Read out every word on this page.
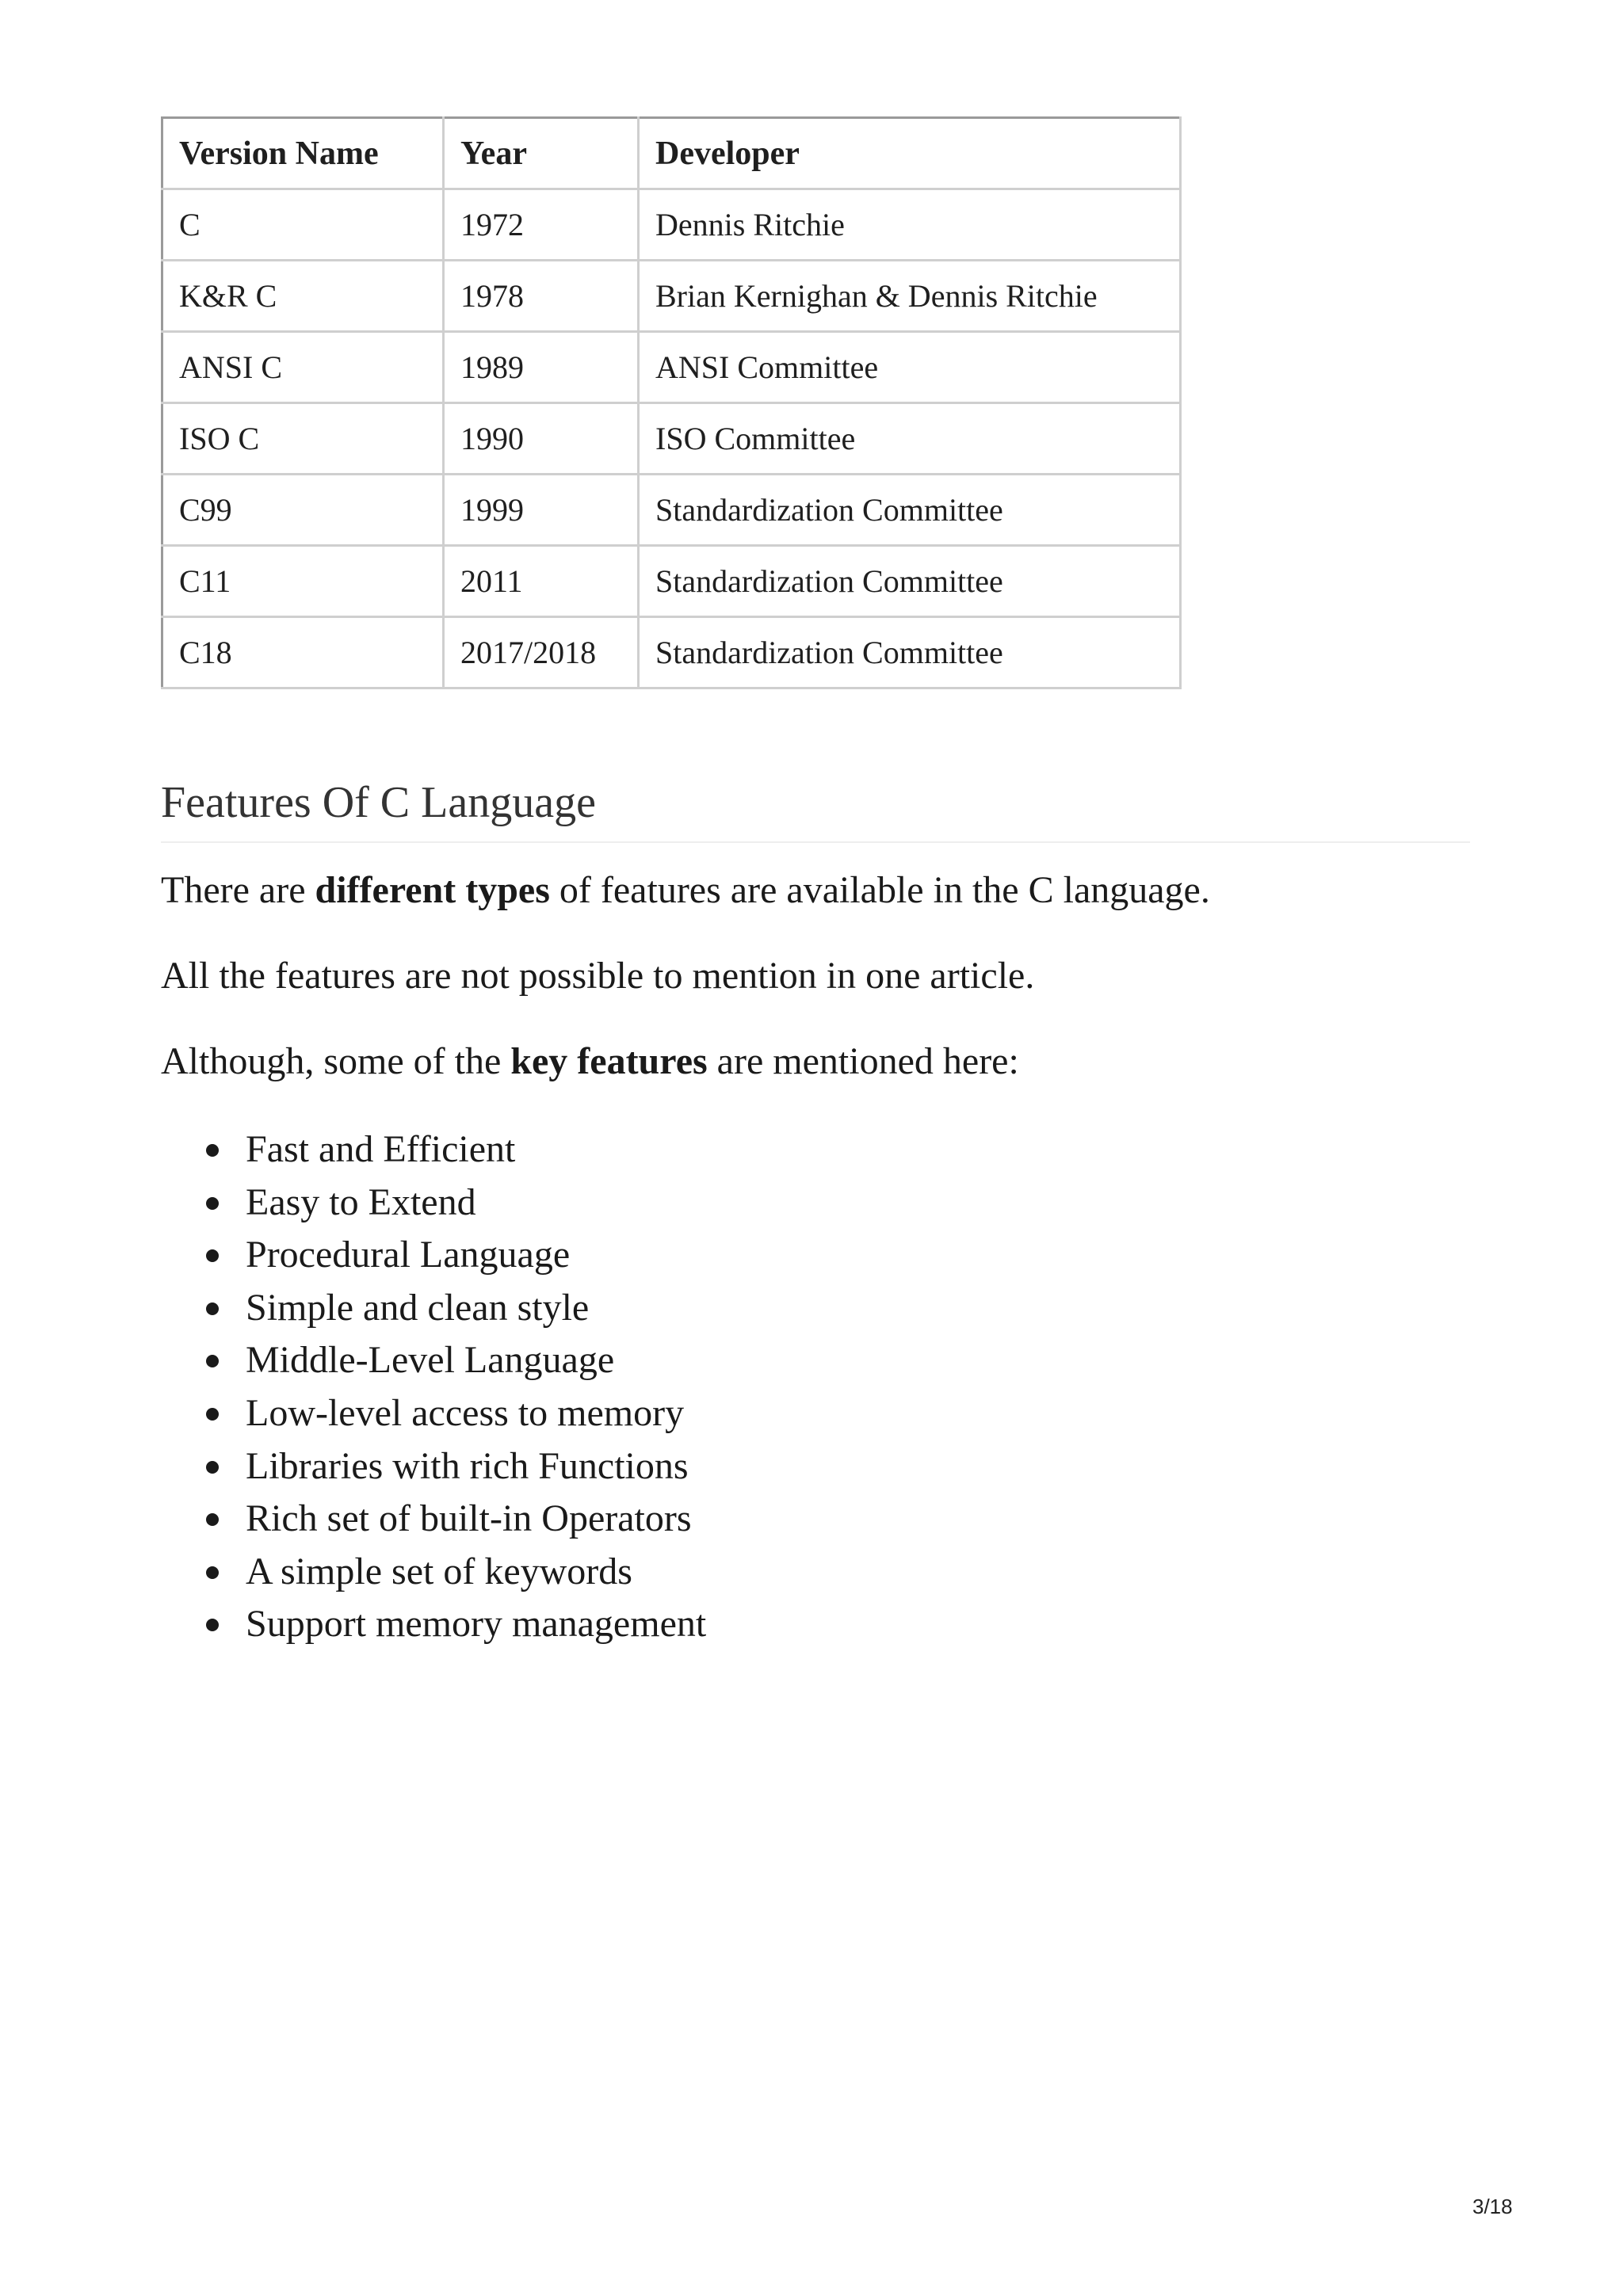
Version Name	Year	Developer
C	1972	Dennis Ritchie
K&R C	1978	Brian Kernighan & Dennis Ritchie
ANSI C	1989	ANSI Committee
ISO C	1990	ISO Committee
C99	1999	Standardization Committee
C11	2011	Standardization Committee
C18	2017/2018	Standardization Committee
Features Of C Language

There are different types of features are available in the C language.

All the features are not possible to mention in one article.

Although, some of the key features are mentioned here:

Fast and Efficient
Easy to Extend
Procedural Language
Simple and clean style
Middle-Level Language
Low-level access to memory
Libraries with rich Functions
Rich set of built-in Operators
A simple set of keywords
Support memory management
3/18
